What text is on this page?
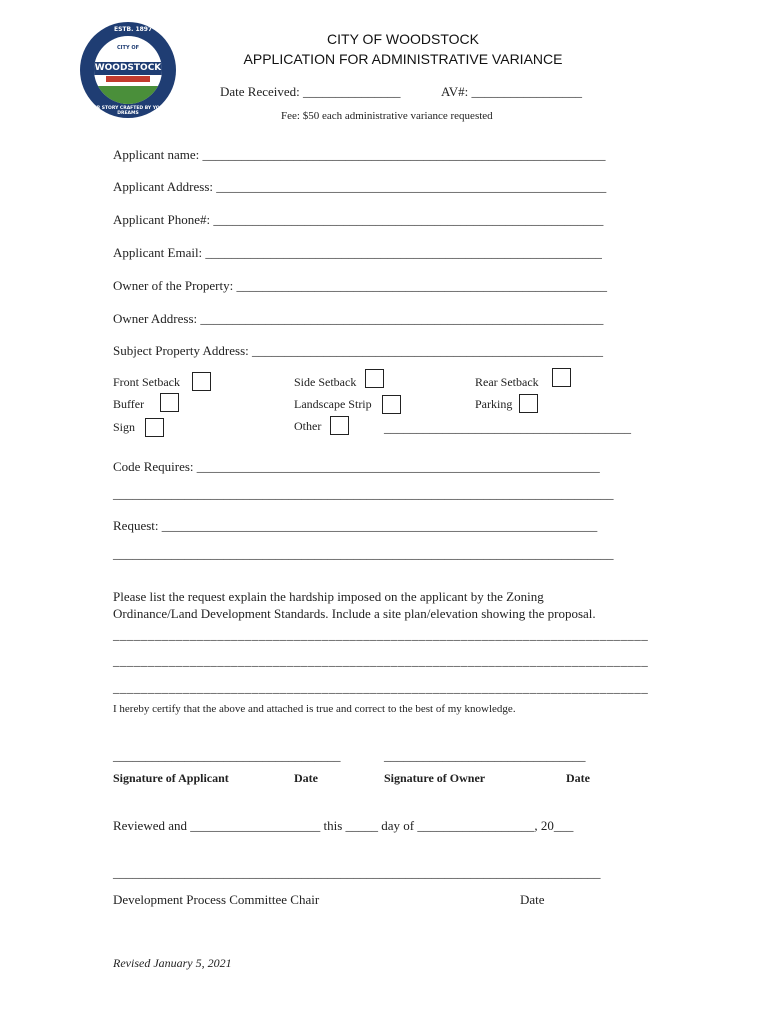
ESTB. 1897
CITY OF
WOODSTOCK
GEORGIA
OUR STORY CRAFTED BY YOUR DREAMS
CITY OF WOODSTOCK
APPLICATION FOR ADMINISTRATIVE VARIANCE
Date Received: _______________	AV#: _________________
Fee: $50 each administrative variance requested
Applicant name: ______________________________________________________________
Applicant Address: ____________________________________________________________
Applicant Phone#: ____________________________________________________________
Applicant Email: _____________________________________________________________
Owner of the Property: _________________________________________________________
Owner Address: ______________________________________________________________
Subject Property Address: ______________________________________________________
Front Setback	Side Setback	Rear Setback
Buffer	Landscape Strip	Parking
Sign	Other	______________________________________
Code Requires: ______________________________________________________________
_____________________________________________________________________________
Request: ___________________________________________________________________
_____________________________________________________________________________
Please list the request explain the hardship imposed on the applicant by the Zoning
Ordinance/Land Development Standards. Include a site plan/elevation showing the proposal.
_____________________________________________________________________________
_____________________________________________________________________________
_____________________________________________________________________________
I hereby certify that the above and attached is true and correct to the best of my knowledge.
___________________________________	_______________________________
Signature of Applicant	Date	Signature of Owner	Date
Reviewed and ____________________ this _____ day of __________________, 20___
___________________________________________________________________________
Development Process Committee Chair	Date
Revised January 5, 2021
